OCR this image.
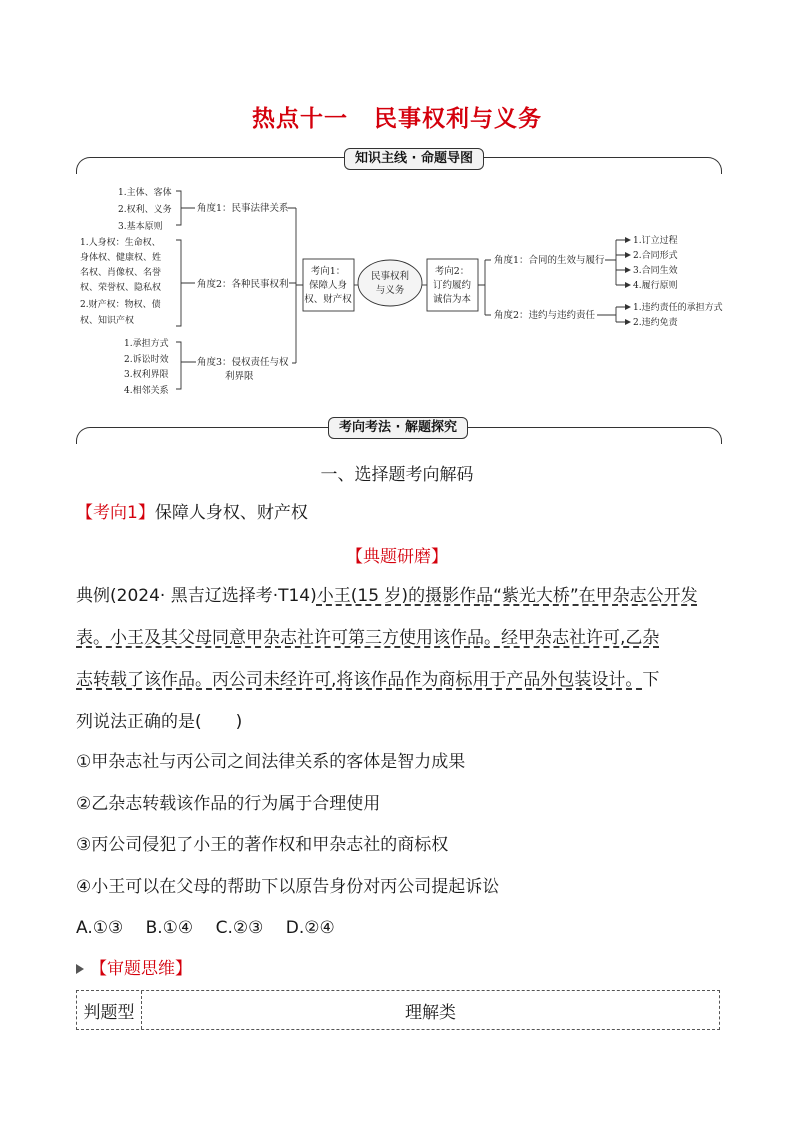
热点十一 民事权利与义务
知识主线 · 命题导图
民事权利
与义务
考向1：
保障人身
权、财产权
考向2：
订约履约
诚信为本
角度1：民事法律关系
角度2：各种民事权利
角度3：侵权责任与权
利界限
角度1：合同的生效与履行
角度2：违约与违约责任
1.主体、客体
2.权利、义务
3.基本原则
1.人身权：生命权、
身体权、健康权、姓
名权、肖像权、名誉
权、荣誉权、隐私权
2.财产权：物权、债
权、知识产权
1.承担方式
2.诉讼时效
3.权利界限
4.相邻关系
1.订立过程
2.合同形式
3.合同生效
4.履行原则
1.违约责任的承担方式
2.违约免责
考向考法 · 解题探究
一、选择题考向解码
【考向1】保障人身权、财产权
【典题研磨】
典例(2024· 黑吉辽选择考·T14)小王(15 岁)的摄影作品“紫光大桥”在甲杂志公开发
表。小王及其父母同意甲杂志社许可第三方使用该作品。经甲杂志社许可,乙杂
志转载了该作品。丙公司未经许可,将该作品作为商标用于产品外包装设计。下
列说法正确的是(　　)
①甲杂志社与丙公司之间法律关系的客体是智力成果
②乙杂志转载该作品的行为属于合理使用
③丙公司侵犯了小王的著作权和甲杂志社的商标权
④小王可以在父母的帮助下以原告身份对丙公司提起诉讼
A.①③　 B.①④　 C.②③　 D.②④
【审题思维】
判题型	理解类
